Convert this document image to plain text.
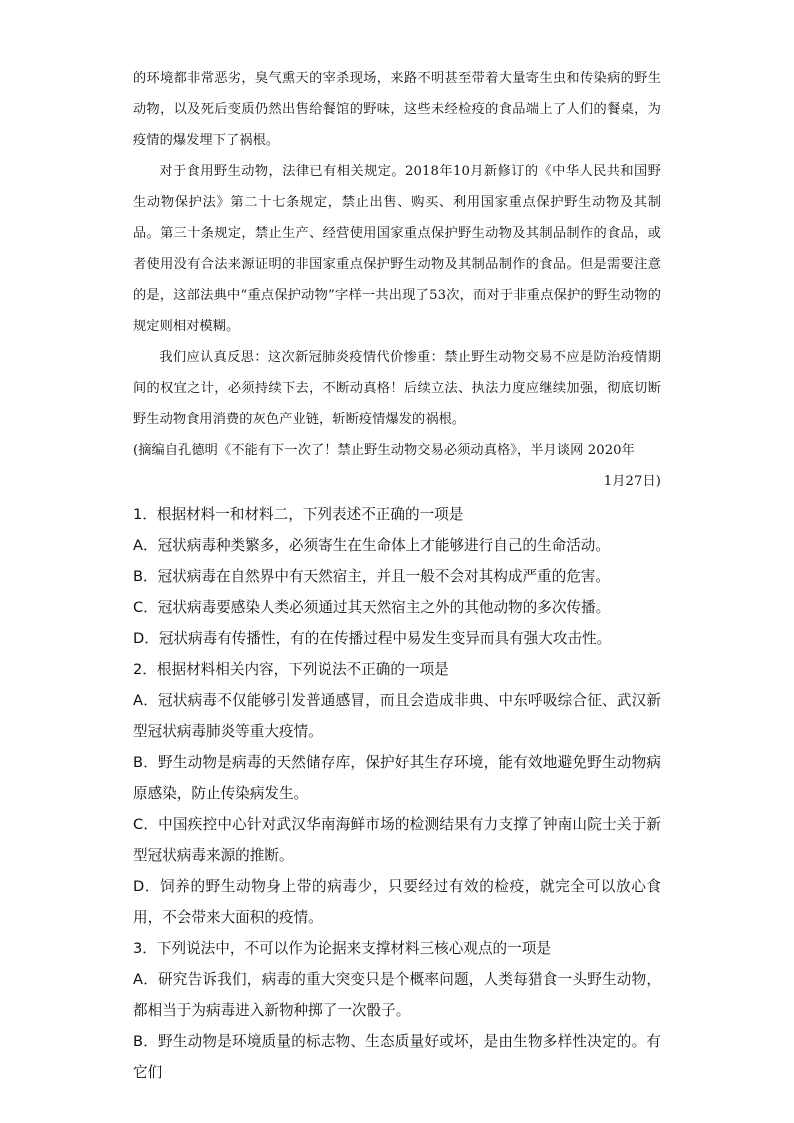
的环境都非常恶劣，臭气熏天的宰杀现场，来路不明甚至带着大量寄生虫和传染病的野生动物，以及死后变质仍然出售给餐馆的野味，这些未经检疫的食品端上了人们的餐桌，为疫情的爆发埋下了祸根。

对于食用野生动物，法律已有相关规定。2018年10月新修订的《中华人民共和国野生动物保护法》第二十七条规定，禁止出售、购买、利用国家重点保护野生动物及其制品。第三十条规定，禁止生产、经营使用国家重点保护野生动物及其制品制作的食品，或者使用没有合法来源证明的非国家重点保护野生动物及其制品制作的食品。但是需要注意的是，这部法典中“重点保护动物”字样一共出现了53次，而对于非重点保护的野生动物的规定则相对模糊。

我们应认真反思：这次新冠肺炎疫情代价惨重：禁止野生动物交易不应是防治疫情期间的权宜之计，必须持续下去，不断动真格！后续立法、执法力度应继续加强，彻底切断野生动物食用消费的灰色产业链，斩断疫情爆发的祸根。

(摘编自孔德明《不能有下一次了！禁止野生动物交易必须动真格》，半月谈网 2020年

1月27日)

1．根据材料一和材料二，下列表述不正确的一项是

A．冠状病毒种类繁多，必须寄生在生命体上才能够进行自己的生命活动。

B．冠状病毒在自然界中有天然宿主，并且一般不会对其构成严重的危害。

C．冠状病毒要感染人类必须通过其天然宿主之外的其他动物的多次传播。

D．冠状病毒有传播性，有的在传播过程中易发生变异而具有强大攻击性。

2．根据材料相关内容，下列说法不正确的一项是

A．冠状病毒不仅能够引发普通感冒，而且会造成非典、中东呼吸综合征、武汉新型冠状病毒肺炎等重大疫情。

B．野生动物是病毒的天然储存库，保护好其生存环境，能有效地避免野生动物病原感染，防止传染病发生。

C．中国疾控中心针对武汉华南海鲜市场的检测结果有力支撑了钟南山院士关于新型冠状病毒来源的推断。

D．饲养的野生动物身上带的病毒少，只要经过有效的检疫，就完全可以放心食用，不会带来大面积的疫情。

3．下列说法中，不可以作为论据来支撑材料三核心观点的一项是

A．研究告诉我们，病毒的重大突变只是个概率问题，人类每猎食一头野生动物，都相当于为病毒进入新物种掷了一次骰子。

B．野生动物是环境质量的标志物、生态质量好或坏，是由生物多样性决定的。有它们
